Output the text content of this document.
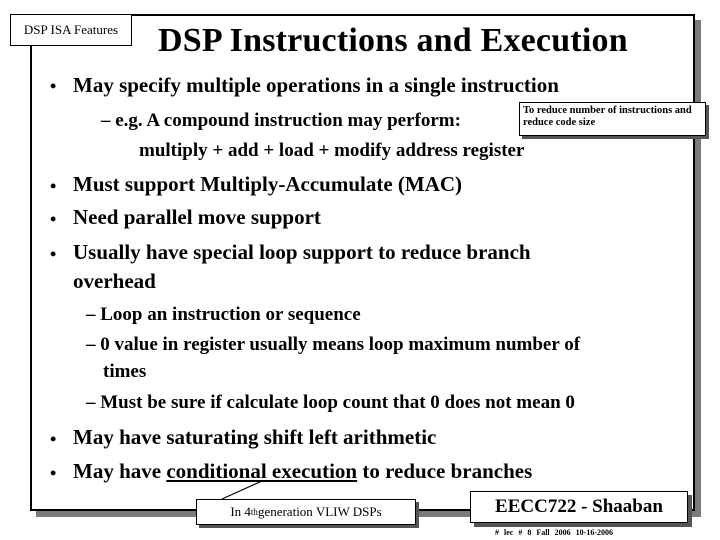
DSP ISA Features	DSP Instructions and Execution
• May specify multiple operations in a single instruction
– e.g. A compound instruction may perform:
multiply + add + load + modify address register
To reduce number of instructions and reduce code size
• Must support Multiply-Accumulate (MAC)
• Need parallel move support
• Usually have special loop support to reduce branch
overhead
– Loop an instruction or sequence
– 0 value in register usually means loop maximum number of
times
– Must be sure if calculate loop count that 0 does not mean 0
• May have saturating shift left arithmetic
• May have conditional execution to reduce branches
In 4 th generation VLIW DSPs	EECC722 - Shaaban
# lec # 8 Fall 2006 10-16-2006
